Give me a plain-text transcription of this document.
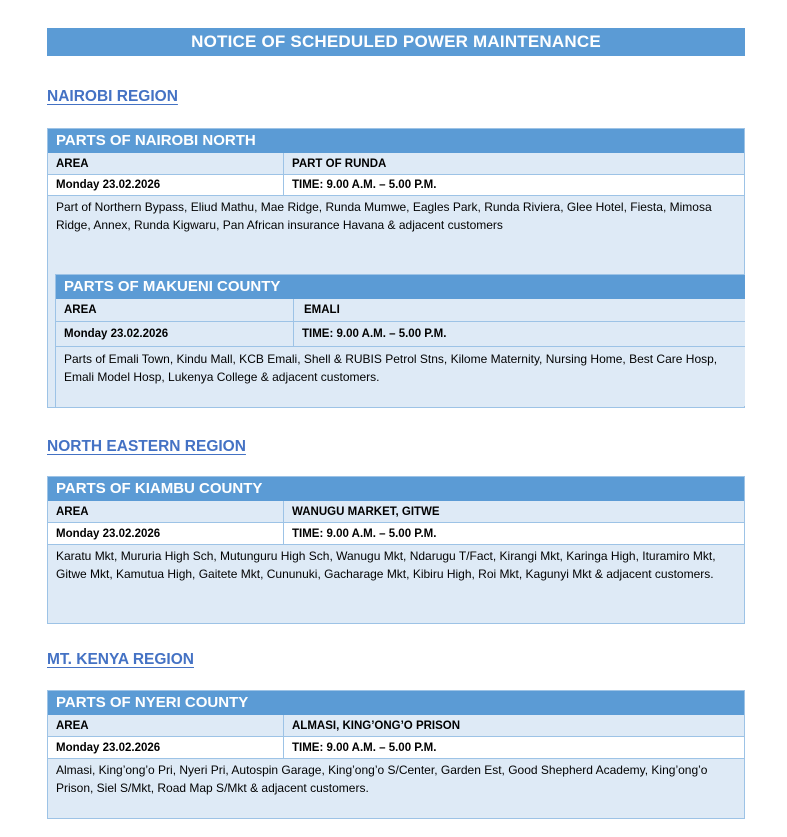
NOTICE OF SCHEDULED POWER MAINTENANCE
NAIROBI REGION
PARTS OF NAIROBI NORTH
AREA	PART OF RUNDA
Monday 23.02.2026	TIME: 9.00 A.M. – 5.00 P.M.
Part of Northern Bypass, Eliud Mathu, Mae Ridge, Runda Mumwe, Eagles Park, Runda Riviera, Glee Hotel, Fiesta, Mimosa Ridge, Annex, Runda Kigwaru, Pan African insurance Havana & adjacent customers
PARTS OF MAKUENI COUNTY
AREA	EMALI
Monday 23.02.2026	TIME: 9.00 A.M. – 5.00 P.M.
Parts of Emali Town, Kindu Mall, KCB Emali, Shell & RUBIS Petrol Stns, Kilome Maternity, Nursing Home, Best Care Hosp, Emali Model Hosp, Lukenya College & adjacent customers.
NORTH EASTERN REGION
PARTS OF KIAMBU COUNTY
AREA	WANUGU MARKET, GITWE
Monday 23.02.2026	TIME: 9.00 A.M. – 5.00 P.M.
Karatu Mkt, Mururia High Sch, Mutunguru High Sch, Wanugu Mkt, Ndarugu T/Fact, Kirangi Mkt, Karinga High, Ituramiro Mkt, Gitwe Mkt, Kamutua High, Gaitete Mkt, Cununuki, Gacharage Mkt, Kibiru High, Roi Mkt, Kagunyi Mkt & adjacent customers.
MT. KENYA REGION
PARTS OF NYERI COUNTY
AREA	ALMASI, KING’ONG’O PRISON
Monday 23.02.2026	TIME: 9.00 A.M. – 5.00 P.M.
Almasi, King’ong’o Pri, Nyeri Pri, Autospin Garage, King’ong’o S/Center, Garden Est, Good Shepherd Academy, King’ong’o Prison, Siel S/Mkt, Road Map S/Mkt & adjacent customers.
